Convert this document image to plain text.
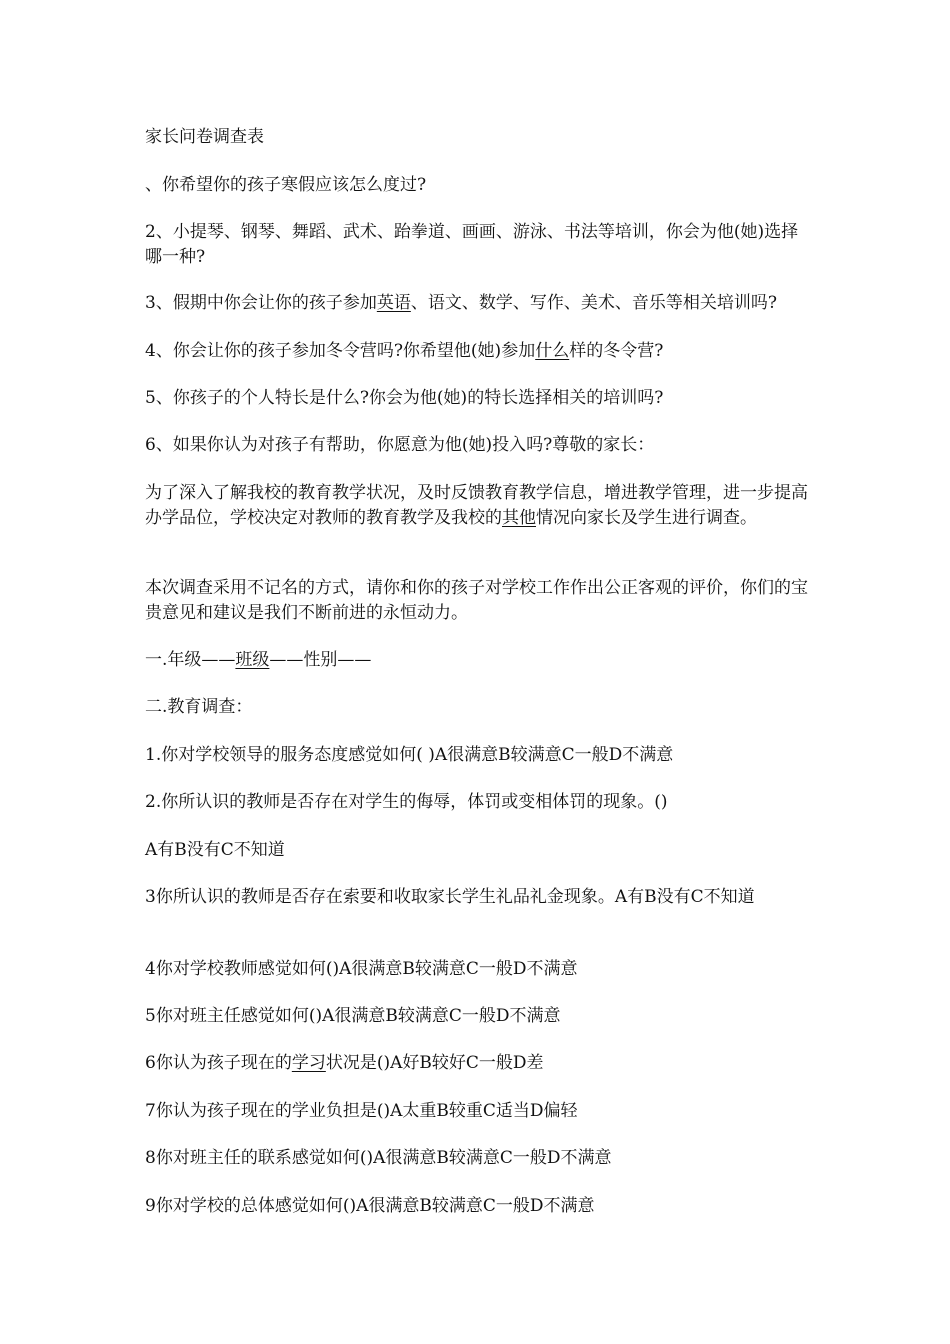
家长问卷调查表

、你希望你的孩子寒假应该怎么度过?

2、小提琴、钢琴、舞蹈、武术、跆拳道、画画、游泳、书法等培训，你会为他(她)选择哪一种?

3、假期中你会让你的孩子参加英语、语文、数学、写作、美术、音乐等相关培训吗?

4、你会让你的孩子参加冬令营吗?你希望他(她)参加什么样的冬令营?

5、你孩子的个人特长是什么?你会为他(她)的特长选择相关的培训吗?

6、如果你认为对孩子有帮助，你愿意为他(她)投入吗?尊敬的家长：

为了深入了解我校的教育教学状况，及时反馈教育教学信息，增进教学管理，进一步提高办学品位，学校决定对教师的教育教学及我校的其他情况向家长及学生进行调查。

本次调查采用不记名的方式，请你和你的孩子对学校工作作出公正客观的评价，你们的宝贵意见和建议是我们不断前进的永恒动力。

一.年级——班级——性别——

二.教育调查：

1.你对学校领导的服务态度感觉如何( )A很满意B较满意C一般D不满意

2.你所认识的教师是否存在对学生的侮辱，体罚或变相体罚的现象。()

A有B没有C不知道

3你所认识的教师是否存在索要和收取家长学生礼品礼金现象。A有B没有C不知道

4你对学校教师感觉如何()A很满意B较满意C一般D不满意

5你对班主任感觉如何()A很满意B较满意C一般D不满意

6你认为孩子现在的学习状况是()A好B较好C一般D差

7你认为孩子现在的学业负担是()A太重B较重C适当D偏轻

8你对班主任的联系感觉如何()A很满意B较满意C一般D不满意

9你对学校的总体感觉如何()A很满意B较满意C一般D不满意
